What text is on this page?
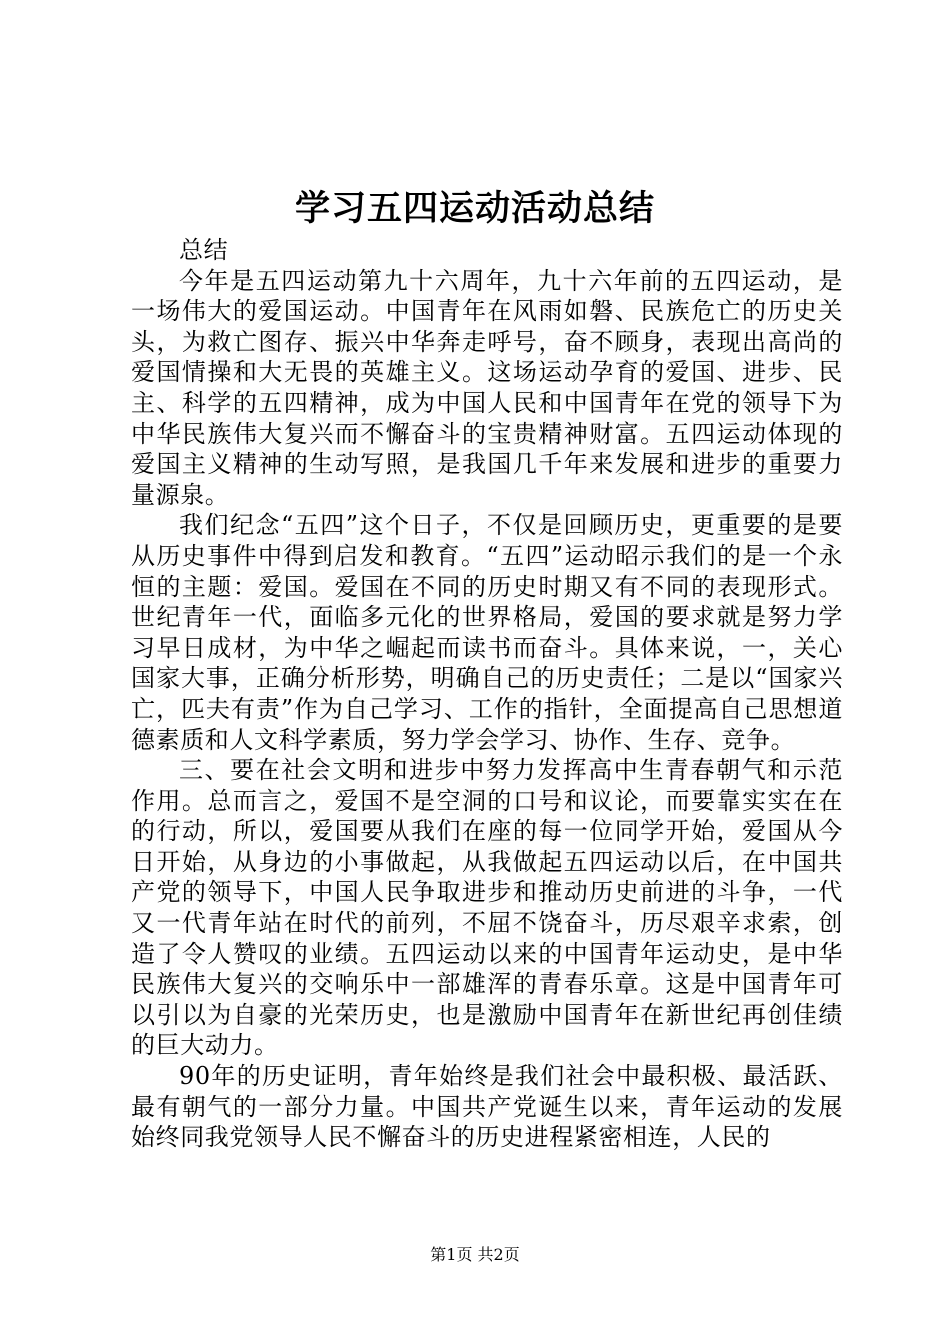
学习五四运动活动总结

总结

今年是五四运动第九十六周年，九十六年前的五四运动，是一场伟大的爱国运动。中国青年在风雨如磐、民族危亡的历史关头，为救亡图存、振兴中华奔走呼号，奋不顾身，表现出高尚的爱国情操和大无畏的英雄主义。这场运动孕育的爱国、进步、民主、科学的五四精神，成为中国人民和中国青年在党的领导下为中华民族伟大复兴而不懈奋斗的宝贵精神财富。五四运动体现的爱国主义精神的生动写照，是我国几千年来发展和进步的重要力量源泉。

我们纪念“五四”这个日子，不仅是回顾历史，更重要的是要从历史事件中得到启发和教育。“五四”运动昭示我们的是一个永恒的主题：爱国。爱国在不同的历史时期又有不同的表现形式。世纪青年一代，面临多元化的世界格局，爱国的要求就是努力学习早日成材，为中华之崛起而读书而奋斗。具体来说，一，关心国家大事，正确分析形势，明确自己的历史责任；二是以“国家兴亡，匹夫有责”作为自己学习、工作的指针，全面提高自己思想道德素质和人文科学素质，努力学会学习、协作、生存、竞争。

三、要在社会文明和进步中努力发挥高中生青春朝气和示范作用。总而言之，爱国不是空洞的口号和议论，而要靠实实在在的行动，所以，爱国要从我们在座的每一位同学开始，爱国从今日开始，从身边的小事做起，从我做起五四运动以后，在中国共产党的领导下，中国人民争取进步和推动历史前进的斗争，一代又一代青年站在时代的前列，不屈不饶奋斗，历尽艰辛求索，创造了令人赞叹的业绩。五四运动以来的中国青年运动史，是中华民族伟大复兴的交响乐中一部雄浑的青春乐章。这是中国青年可以引以为自豪的光荣历史，也是激励中国青年在新世纪再创佳绩的巨大动力。

90年的历史证明，青年始终是我们社会中最积极、最活跃、最有朝气的一部分力量。中国共产党诞生以来，青年运动的发展始终同我党领导人民不懈奋斗的历史进程紧密相连，人民的

第1页 共2页
